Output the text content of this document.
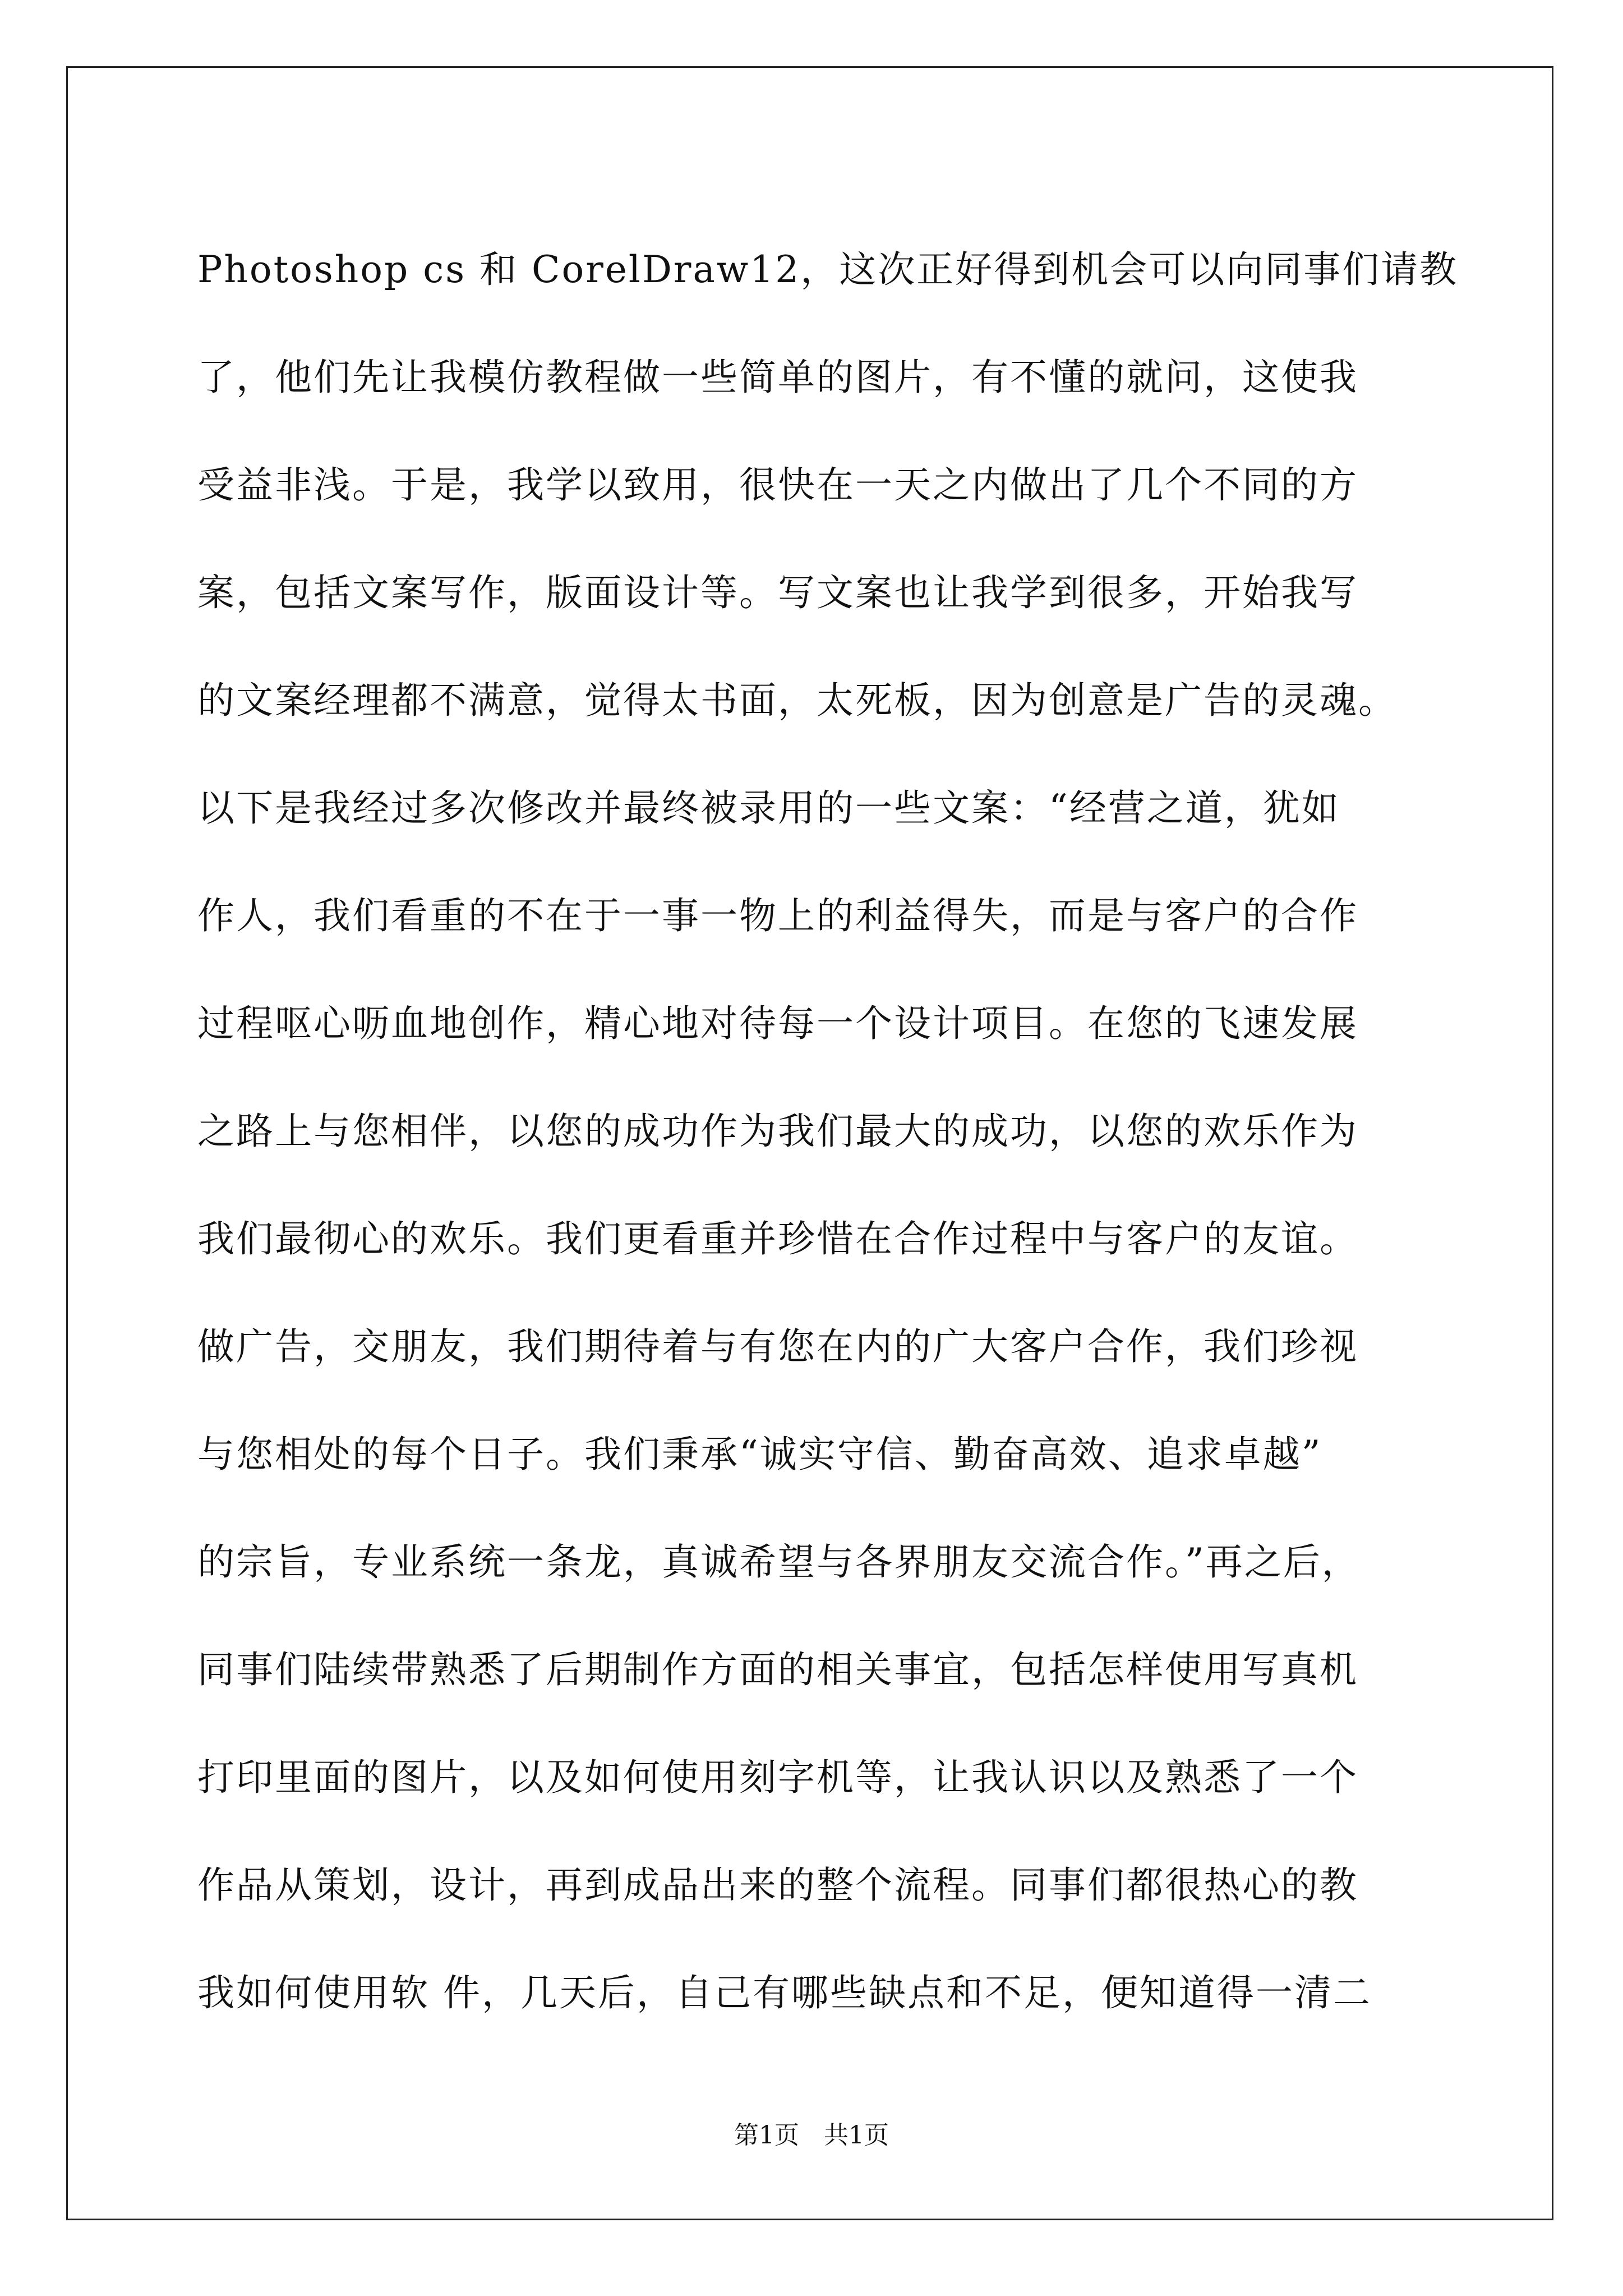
Photoshop cs 和 CorelDraw12，这次正好得到机会可以向同事们请教
了，他们先让我模仿教程做一些简单的图片，有不懂的就问，这使我
受益非浅。于是，我学以致用，很快在一天之内做出了几个不同的方
案，包括文案写作，版面设计等。写文案也让我学到很多，开始我写
的文案经理都不满意，觉得太书面，太死板，因为创意是广告的灵魂。
以下是我经过多次修改并最终被录用的一些文案：“经营之道，犹如
作人，我们看重的不在于一事一物上的利益得失，而是与客户的合作
过程呕心呖血地创作，精心地对待每一个设计项目。在您的飞速发展
之路上与您相伴，以您的成功作为我们最大的成功，以您的欢乐作为
我们最彻心的欢乐。我们更看重并珍惜在合作过程中与客户的友谊。
做广告，交朋友，我们期待着与有您在内的广大客户合作，我们珍视
与您相处的每个日子。我们秉承“诚实守信、勤奋高效、追求卓越”
的宗旨，专业系统一条龙，真诚希望与各界朋友交流合作。”再之后，
同事们陆续带熟悉了后期制作方面的相关事宜，包括怎样使用写真机
打印里面的图片，以及如何使用刻字机等，让我认识以及熟悉了一个
作品从策划，设计，再到成品出来的整个流程。同事们都很热心的教
我如何使用软 件，几天后，自己有哪些缺点和不足，便知道得一清二
第1页　共1页
